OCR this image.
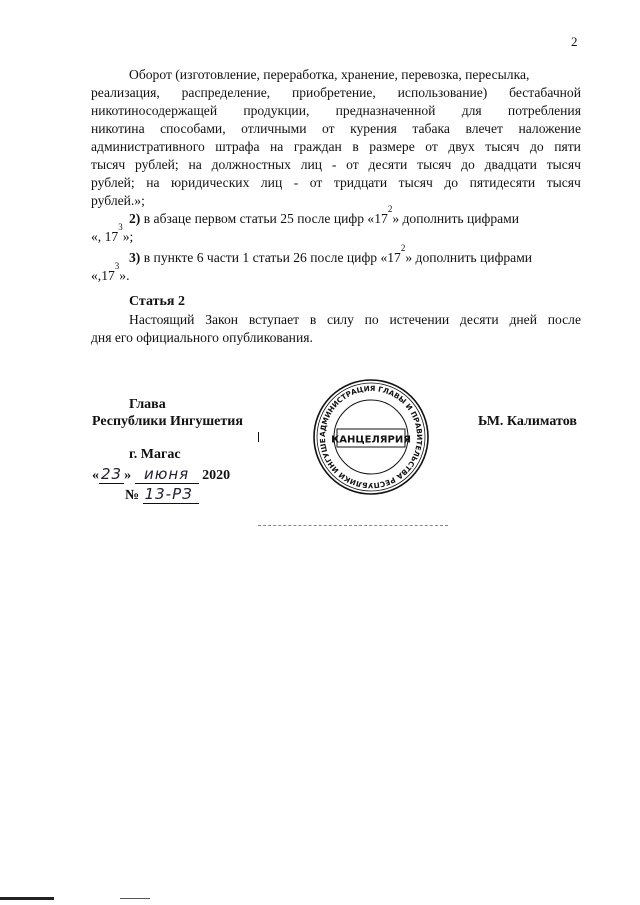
2
Оборот (изготовление, переработка, хранение, перевозка, пересылка,
реализация, распределение, приобретение, использование) бестабачной
никотиносодержащей продукции, предназначенной для потребления
никотина способами, отличными от курения табака влечет наложение
административного штрафа на граждан в размере от двух тысяч до пяти
тысяч рублей; на должностных лиц - от десяти тысяч до двадцати тысяч
рублей; на юридических лиц - от тридцати тысяч до пятидесяти тысяч
рублей.»;
2)
в абзаце первом статьи 25 после цифр «17
$^2$
» дополнить цифрами
«, 17
$^3$
»;
3)
в пункте 6 части 1 статьи 26 после цифр «17
$^2$
» дополнить цифрами
«,17
$^3$
».
Статья 2
Настоящий Закон вступает в силу по истечении десяти дней после
дня его официального опубликования.
Глава
Республики Ингушетия
АДМИНИСТРАЦИЯ ГЛАВЫ И ПРАВИТЕЛЬСТВА РЕСПУБЛИКИ ИНГУШЕ КАНЦЕЛЯРИЯ
ЬМ. Калиматов
г. Магас
« 23 » июня 2020
№ 13-РЗ
